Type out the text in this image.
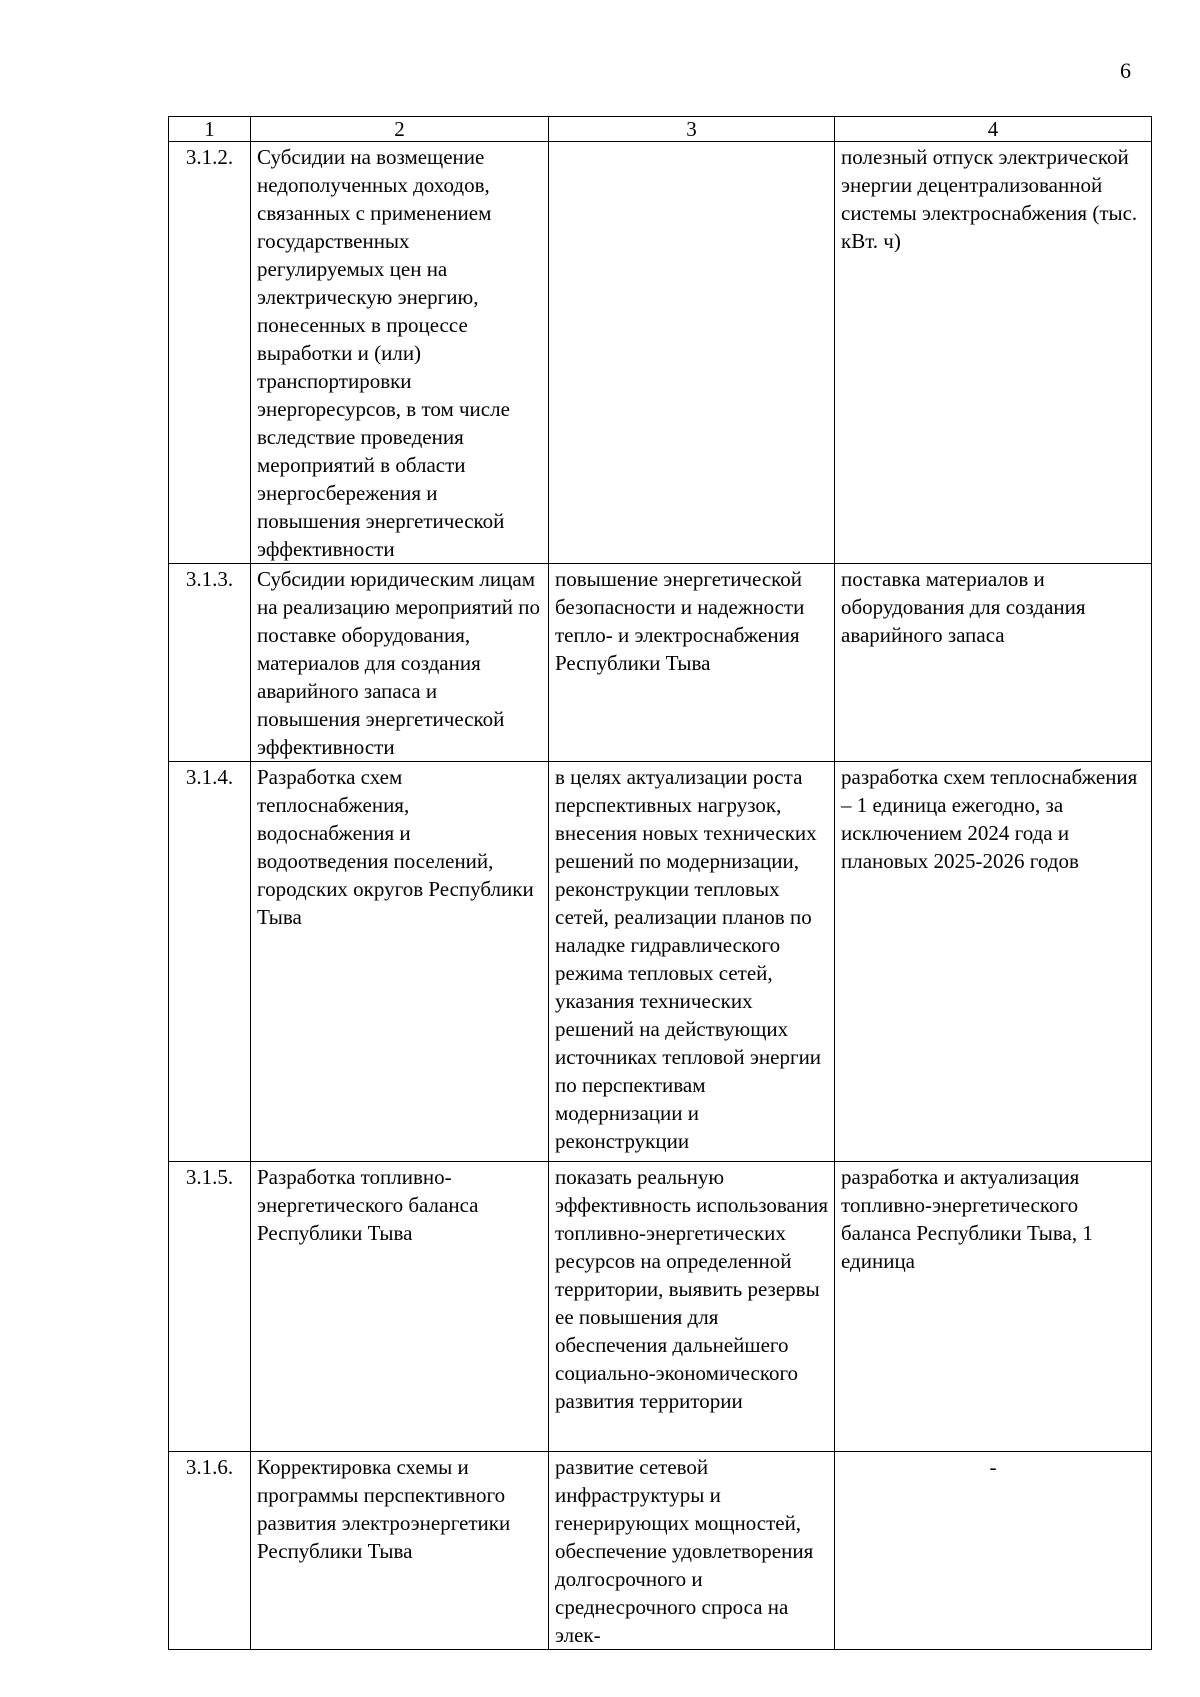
6
1	2	3	4
3.1.2.	Субсидии на возмещение недополученных доходов, связанных с применением государственных регулируемых цен на электрическую энергию, понесенных в процессе выработки и (или) транспортировки энергоресурсов, в том числе вследствие проведения мероприятий в области энергосбережения и повышения энергетической эффективности		полезный отпуск электрической энергии децентрализованной системы электроснабжения (тыс. кВт. ч)
3.1.3.	Субсидии юридическим лицам на реализацию мероприятий по поставке оборудования, материалов для создания аварийного запаса и повышения энергетической эффективности	повышение энергетической безопасности и надежности тепло- и электроснабжения Республики Тыва	поставка материалов и оборудования для создания аварийного запаса
3.1.4.	Разработка схем теплоснабжения, водоснабжения и водоотведения поселений, городских округов Республики Тыва	в целях актуализации роста перспективных нагрузок, внесения новых технических решений по модернизации, реконструкции тепловых сетей, реализации планов по наладке гидравлического режима тепловых сетей, указания технических решений на действующих источниках тепловой энергии по перспективам модернизации и реконструкции	разработка схем теплоснабжения – 1 единица ежегодно, за исключением 2024 года и плановых 2025-2026 годов
3.1.5.	Разработка топливно-энергетического баланса Республики Тыва	показать реальную эффективность использования топливно-энергетических ресурсов на определенной территории, выявить резервы ее повышения для обеспечения дальнейшего социально-экономического развития территории	разработка и актуализация топливно-энергетического баланса Республики Тыва, 1 единица
3.1.6.	Корректировка схемы и программы перспективного развития электроэнергетики Республики Тыва	развитие сетевой инфраструктуры и генерирующих мощностей, обеспечение удовлетворения долгосрочного и среднесрочного спроса на элек-	-
